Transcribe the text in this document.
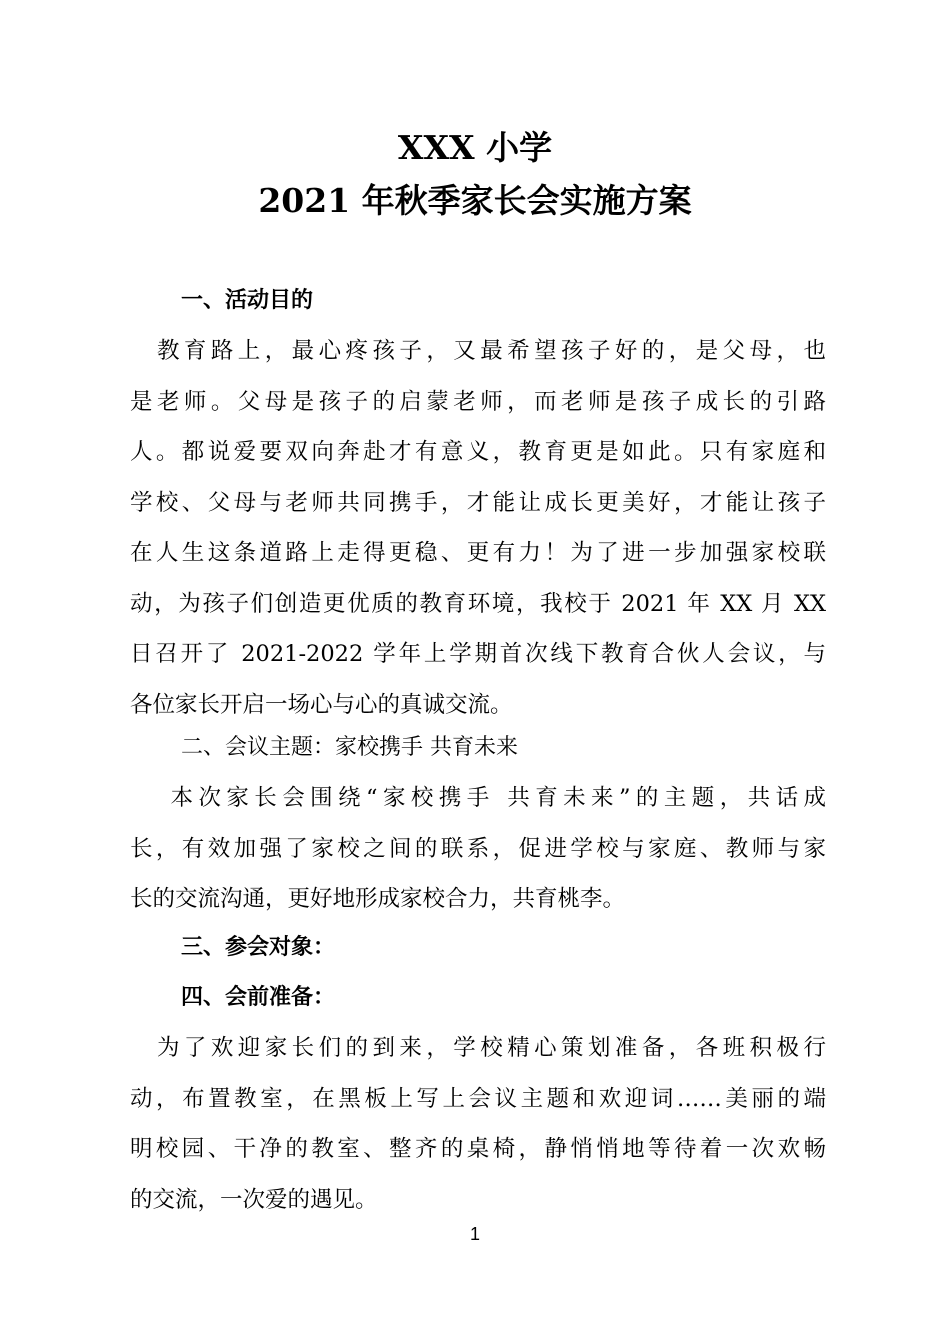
XXX 小学
2021 年秋季家长会实施方案
一、活动目的
　教育路上，最心疼孩子，又最希望孩子好的，是父母，也
是老师。父母是孩子的启蒙老师，而老师是孩子成长的引路
人。都说爱要双向奔赴才有意义，教育更是如此。只有家庭和
学校、父母与老师共同携手，才能让成长更美好，才能让孩子
在人生这条道路上走得更稳、更有力！为了进一步加强家校联
动，为孩子们创造更优质的教育环境，我校于 2021 年 XX 月 XX
日召开了 2021-2022 学年上学期首次线下教育合伙人会议，与
各位家长开启一场心与心的真诚交流。
二、会议主题：家校携手 共育未来
　 本次家长会围绕“家校携手 共育未来”的主题，共话成
长，有效加强了家校之间的联系，促进学校与家庭、教师与家
长的交流沟通，更好地形成家校合力，共育桃李。
三、参会对象：
四、会前准备：
　为了欢迎家长们的到来，学校精心策划准备，各班积极行
动，布置教室，在黑板上写上会议主题和欢迎词……美丽的端
明校园、干净的教室、整齐的桌椅，静悄悄地等待着一次欢畅
的交流，一次爱的遇见。
1
